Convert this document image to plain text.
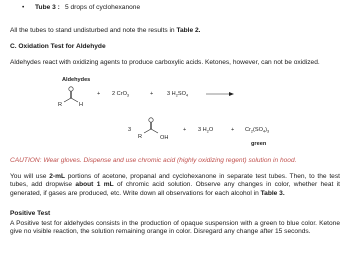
• Tube 3 : 5 drops of cyclohexanone
All the tubes to stand undisturbed and note the results in Table 2.
C. Oxidation Test for Aldehyde
Aldehydes react with oxidizing agents to produce carboxylic acids. Ketones, however, can not be oxidized.
Aldehydes
R	H
+ 2 CrO$_3$	+ 3 $H_2SO_4$
3
R	OH
+ 3 $H_2O$	+ $Cr_2(SO_4)_3$
green
CAUTION: Wear gloves. Dispense and use chromic acid (highly oxidizing regent) solution in hood.
You will use 2-mL portions of acetone, propanal and cyclohexanone in separate test tubes. Then, to the test tubes, add dropwise about 1 mL of chromic acid solution. Observe any changes in color, whether heat it generated, if gases are produced, etc. Write down all observations for each alcohol in Table 3.
Positive Test
A Positive test for aldehydes consists in the production of opaque suspension with a green to blue color. Ketone give no visible reaction, the solution remaining orange in color. Disregard any change after 15 seconds.
